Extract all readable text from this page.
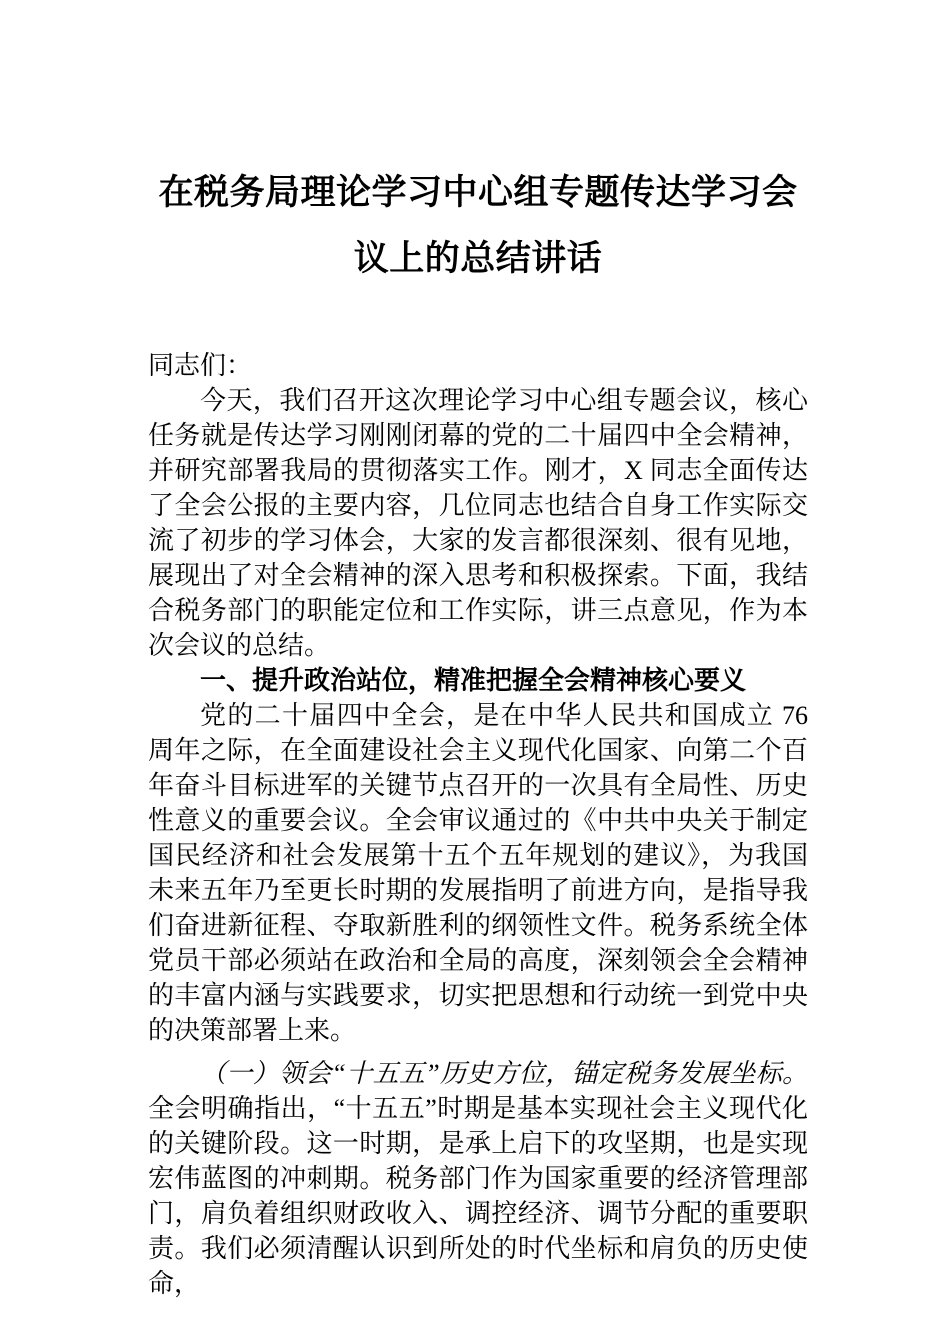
在税务局理论学习中心组专题传达学习会议上的总结讲话

同志们：

今天，我们召开这次理论学习中心组专题会议，核心任务就是传达学习刚刚闭幕的党的二十届四中全会精神，并研究部署我局的贯彻落实工作。刚才，X 同志全面传达了全会公报的主要内容，几位同志也结合自身工作实际交流了初步的学习体会，大家的发言都很深刻、很有见地，展现出了对全会精神的深入思考和积极探索。下面，我结合税务部门的职能定位和工作实际，讲三点意见，作为本次会议的总结。

一、提升政治站位，精准把握全会精神核心要义

党的二十届四中全会，是在中华人民共和国成立 76 周年之际，在全面建设社会主义现代化国家、向第二个百年奋斗目标进军的关键节点召开的一次具有全局性、历史性意义的重要会议。全会审议通过的《中共中央关于制定国民经济和社会发展第十五个五年规划的建议》，为我国未来五年乃至更长时期的发展指明了前进方向，是指导我们奋进新征程、夺取新胜利的纲领性文件。税务系统全体党员干部必须站在政治和全局的高度，深刻领会全会精神的丰富内涵与实践要求，切实把思想和行动统一到党中央的决策部署上来。

（一）领会“十五五”历史方位，锚定税务发展坐标。全会明确指出，“十五五”时期是基本实现社会主义现代化的关键阶段。这一时期，是承上启下的攻坚期，也是实现宏伟蓝图的冲刺期。税务部门作为国家重要的经济管理部门，肩负着组织财政收入、调控经济、调节分配的重要职责。我们必须清醒认识到所处的时代坐标和肩负的历史使命，
